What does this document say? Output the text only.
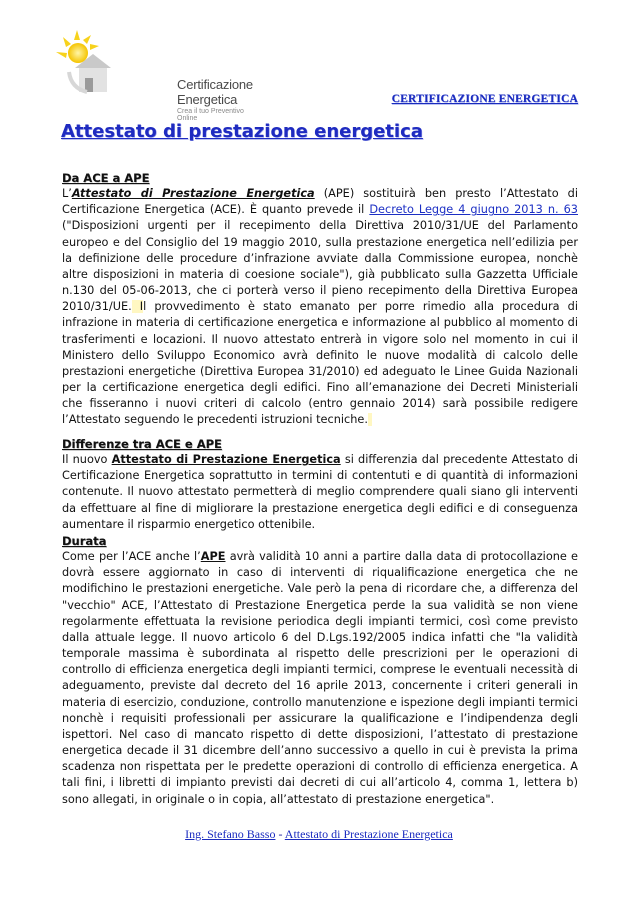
Certificazione Energetica
Crea il tuo Preventivo Online
CERTIFICAZIONE ENERGETICA
Attestato di prestazione energetica

Da ACE a APE

L’Attestato di Prestazione Energetica (APE) sostituirà ben presto l’Attestato di Certificazione Energetica (ACE). È quanto prevede il Decreto Legge 4 giugno 2013 n. 63 ("Disposizioni urgenti per il recepimento della Direttiva 2010/31/UE del Parlamento europeo e del Consiglio del 19 maggio 2010, sulla prestazione energetica nell’edilizia per la definizione delle procedure d’infrazione avviate dalla Commissione europea, nonchè altre disposizioni in materia di coesione sociale"), già pubblicato sulla Gazzetta Ufficiale n.130 del 05-06-2013, che ci porterà verso il pieno recepimento della Direttiva Europea 2010/31/UE. Il provvedimento è stato emanato per porre rimedio alla procedura di infrazione in materia di certificazione energetica e informazione al pubblico al momento di trasferimenti e locazioni. Il nuovo attestato entrerà in vigore solo nel momento in cui il Ministero dello Sviluppo Economico avrà definito le nuove modalità di calcolo delle prestazioni energetiche (Direttiva Europea 31/2010) ed adeguato le Linee Guida Nazionali per la certificazione energetica degli edifici. Fino all’emanazione dei Decreti Ministeriali che fisseranno i nuovi criteri di calcolo (entro gennaio 2014) sarà possibile redigere l’Attestato seguendo le precedenti istruzioni tecniche.

Differenze tra ACE e APE

Il nuovo Attestato di Prestazione Energetica si differenzia dal precedente Attestato di Certificazione Energetica soprattutto in termini di contentuti e di quantità di informazioni contenute. Il nuovo attestato permetterà di meglio comprendere quali siano gli interventi da effettuare al fine di migliorare la prestazione energetica degli edifici e di conseguenza aumentare il risparmio energetico ottenibile.

Durata

Come per l’ACE anche l’APE avrà validità 10 anni a partire dalla data di protocollazione e dovrà essere aggiornato in caso di interventi di riqualificazione energetica che ne modifichino le prestazioni energetiche. Vale però la pena di ricordare che, a differenza del "vecchio" ACE, l’Attestato di Prestazione Energetica perde la sua validità se non viene regolarmente effettuata la revisione periodica degli impianti termici, così come previsto dalla attuale legge. Il nuovo articolo 6 del D.Lgs.192/2005 indica infatti che "la validità temporale massima è subordinata al rispetto delle prescrizioni per le operazioni di controllo di efficienza energetica degli impianti termici, comprese le eventuali necessità di adeguamento, previste dal decreto del 16 aprile 2013, concernente i criteri generali in materia di esercizio, conduzione, controllo manutenzione e ispezione degli impianti termici nonchè i requisiti professionali per assicurare la qualificazione e l’indipendenza degli ispettori. Nel caso di mancato rispetto di dette disposizioni, l’attestato di prestazione energetica decade il 31 dicembre dell’anno successivo a quello in cui è prevista la prima scadenza non rispettata per le predette operazioni di controllo di efficienza energetica. A tali fini, i libretti di impianto previsti dai decreti di cui all’articolo 4, comma 1, lettera b) sono allegati, in originale o in copia, all’attestato di prestazione energetica".

Ing. Stefano Basso - Attestato di Prestazione Energetica
